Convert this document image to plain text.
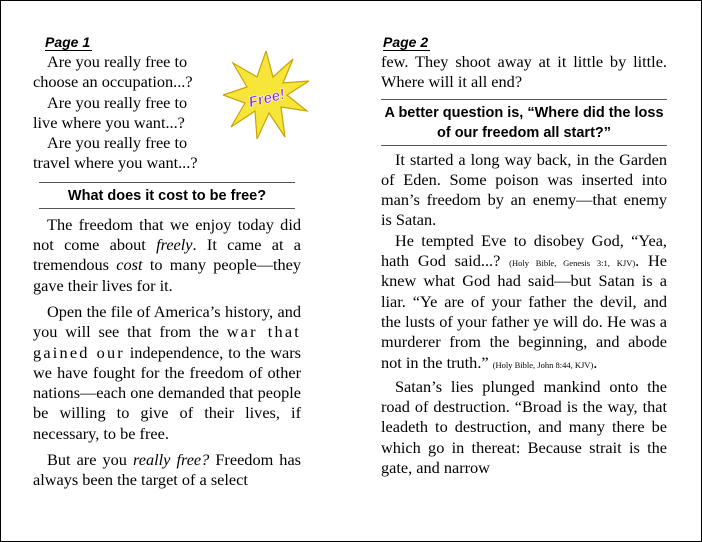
Page 1
Are you really free to
choose an occupation...?
Are you really free to
live where you want...?
Are you really free to
travel where you want...?
What does it cost to be free?

The freedom that we enjoy today did not come about freely. It came at a tremendous cost to many people—they gave their lives for it.

Open the file of America’s history, and you will see that from the war that gained our independence, to the wars we have fought for the freedom of other nations—each one demanded that people be willing to give of their lives, if necessary, to be free.

But are you really free? Freedom has always been the target of a select

Free!
Page 2

few. They shoot away at it little by little. Where will it all end?

A better question is, “Where did the loss of our freedom all start?”

It started a long way back, in the Garden of Eden. Some poison was inserted into man’s freedom by an enemy—that enemy is Satan.

He tempted Eve to disobey God, “Yea, hath God said...? (Holy Bible, Genesis 3:1, KJV). He knew what God had said—but Satan is a liar. “Ye are of your father the devil, and the lusts of your father ye will do. He was a murderer from the beginning, and abode not in the truth.” (Holy Bible, John 8:44, KJV).

Satan’s lies plunged mankind onto the road of destruction. “Broad is the way, that leadeth to destruction, and many there be which go in thereat: Because strait is the gate, and narrow
